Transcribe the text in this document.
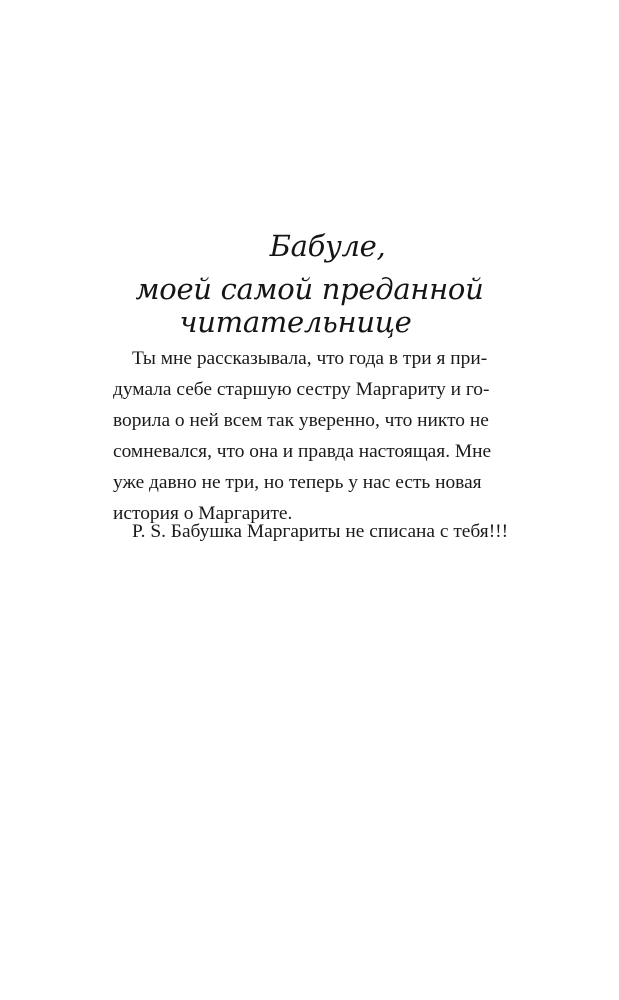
Бабуле,
моей самой преданной
читательнице
Ты мне рассказывала, что года в три я при-
думала себе старшую сестру Маргариту и го-
ворила о ней всем так уверенно, что никто не
сомневался, что она и правда настоящая. Мне
уже давно не три, но теперь у нас есть новая
история о Маргарите.
P. S. Бабушка Маргариты не списана с тебя!!!
